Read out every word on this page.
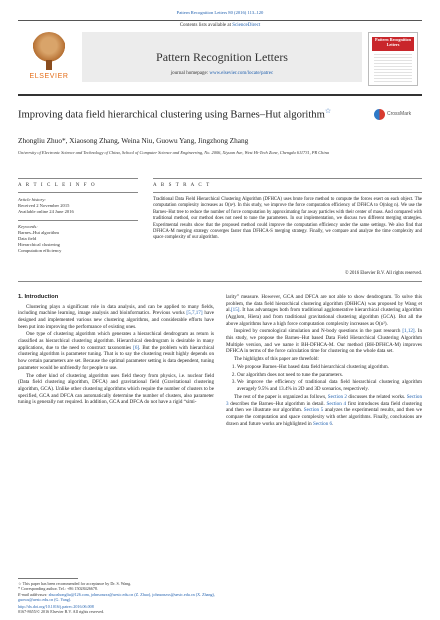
Pattern Recognition Letters 80 (2016) 113–120
Contents lists available at ScienceDirect
ELSEVIER
Pattern Recognition Letters
journal homepage: www.elsevier.com/locate/patrec
Pattern Recognition Letters
Improving data field hierarchical clustering using Barnes–Hut algorithm☆	CrossMark
Zhongliu Zhuo*, Xiaosong Zhang, Weina Niu, Guowu Yang, Jingzhong Zhang
University of Electronic Science and Technology of China, School of Computer Science and Engineering, No. 2006, Xiyuan Ave, West Hi-Tech Zone, Chengdu 611731, PR China
A R T I C L E I N F O	A B S T R A C T
Article history:
Received 2 November 2015
Available online 24 June 2016
Keywords:
Barnes–Hut algorithm
Data field
Hierarchical clustering
Computation efficiency
Traditional Data Field Hierarchical Clustering Algorithm (DFHCA) uses brute force method to compute the forces exert on each object. The computation complexity increases as O(n²). In this study, we improve the force computation efficiency of DFHCA to O(nlog n). We use the Barnes–Hut tree to reduce the number of force computation by approximating far away particles with their center of mass. And compared with traditional method, our method does not need to tune the parameters. In our implementation, we discuss two different merging strategies. Experimental results show that the proposed method could improve the computation efficiency under the same settings. We also find that DFHCA-M merging strategy converges faster than DFHCA-S merging strategy. Finally, we compare and analyze the time complexity and space complexity of our algorithm.
© 2016 Elsevier B.V. All rights reserved.
1. Introduction

Clustering plays a significant role in data analysis, and can be applied to many fields, including machine learning, image analysis and bioinformatics. Previous works [5,7,17] have designed and implemented various new clustering algorithms, and considerable efforts have been put into improving the performance of existing ones.

One type of clustering algorithm which generates a hierarchical dendrogram as return is classified as hierarchical clustering algorithm. Hierarchical dendrogram is desirable in many applications, due to the need to construct taxonomies [6]. But the problem with hierarchical clustering algorithm is parameter tuning. That is to say the clustering result highly depends on how certain parameters are set. Because the optimal parameter setting is data dependent, tuning parameter would be unfriendly for people to use.

The other kind of clustering algorithm uses field theory from physics, i.e. nuclear field (Data field clustering algorithm, DFCA) and gravitational field (Gravitational clustering algorithm, GCA). Unlike other clustering algorithms which require the number of clusters to be specified, GCA and DFCA can automatically determine the number of clusters, also parameter tuning is generally not required. In addition, GCA and DFCA do not have a rigid “simi-

larity” measure. However, GCA and DFCA are not able to show dendrogram. To solve this problem, the data field hierarchical clustering algorithm (DHHCA) was proposed by Wang et al.[15]. It has advantages both from traditional agglomerative hierarchical clustering algorithm (Agglom, Hiera) and from traditional gravitational clustering algorithm (GCA). But all the above algorithms have a high force computation complexity increases as O(n²).

Inspired by cosmological simulation and N-body questions in the past research [1,12]. In this study, we propose the Barnes–Hut based Data Field Hierarchical Clustering Algorithm Multiple version, and we name it BH-DFHCA-M. Our method (BH-DFHCA-M) improves DFHCA in terms of the force calculation time for clustering on the whole data set.

The highlights of this paper are threefold:

1. We propose Barnes–Hut based data field hierarchical clustering algorithm.
2. Our algorithm does not need to tune the parameters.
3. We improve the efficiency of traditional data field hierarchical clustering algorithm averagely 9.5% and 13.4% in 2D and 3D scenarios, respectively.

The rest of the paper is organized as follows, Section 2 discusses the related works. Section 3 describes the Barnes–Hut algorithm in detail. Section 4 first introduces data field clustering and then we illustrate our algorithm. Section 5 analyzes the experimental results, and then we compare the computation and space complexity with other algorithms. Finally, conclusions are drawn and future works are highlighted in Section 6.

☆ This paper has been recommended for acceptance by Dr. S. Wang.
* Corresponding author. Tel.: +86 15028426678.
E-mail addresses: zhuozhongliu@126.com, johnsonzxs@uestc.edu.cn (Z. Zhuo), johnsonzxs@uestc.edu.cn (X. Zhang), guowu@uestc.edu.cn (G. Yang).
http://dx.doi.org/10.1016/j.patrec.2016.06.008
0167-8655/© 2016 Elsevier B.V. All rights reserved.
